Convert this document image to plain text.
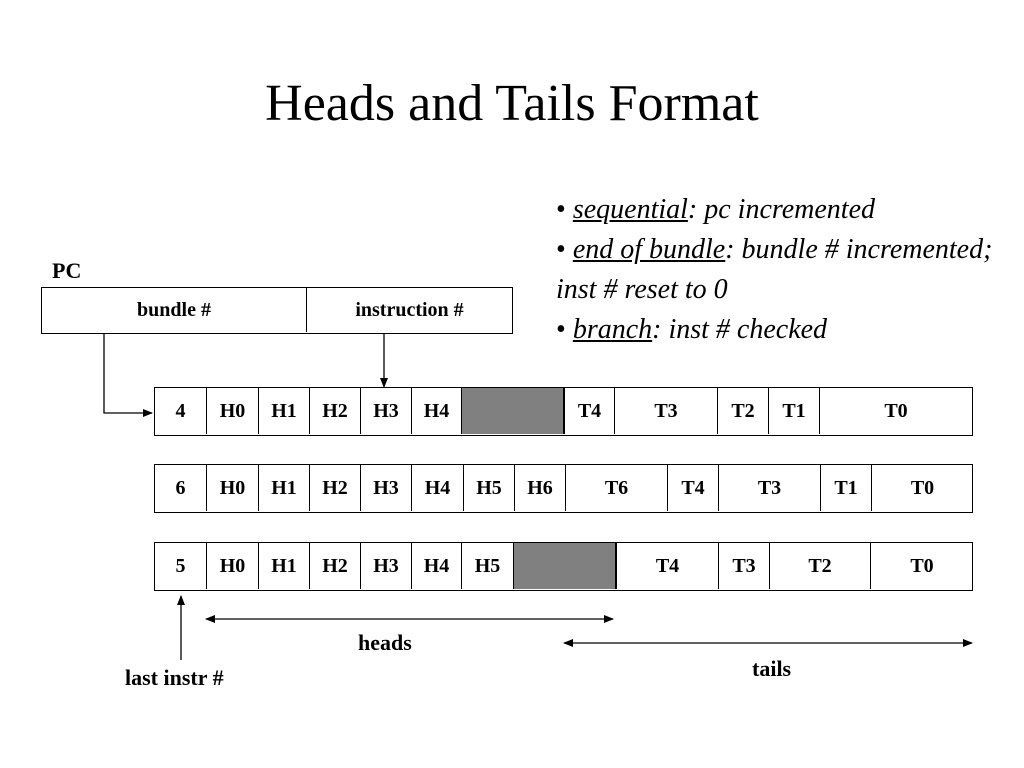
Heads and Tails Format
• sequential: pc incremented
• end of bundle: bundle # incremented; inst # reset to 0
• branch: inst # checked
PC
bundle #	instruction #
4	H0	H1	H2	H3	H4	T4	T3	T2	T1	T0
6	H0	H1	H2	H3	H4	H5	H6	T6	T4	T3	T1	T0
5	H0	H1	H2	H3	H4	H5	T4	T3	T2	T0
heads
tails
last instr #
